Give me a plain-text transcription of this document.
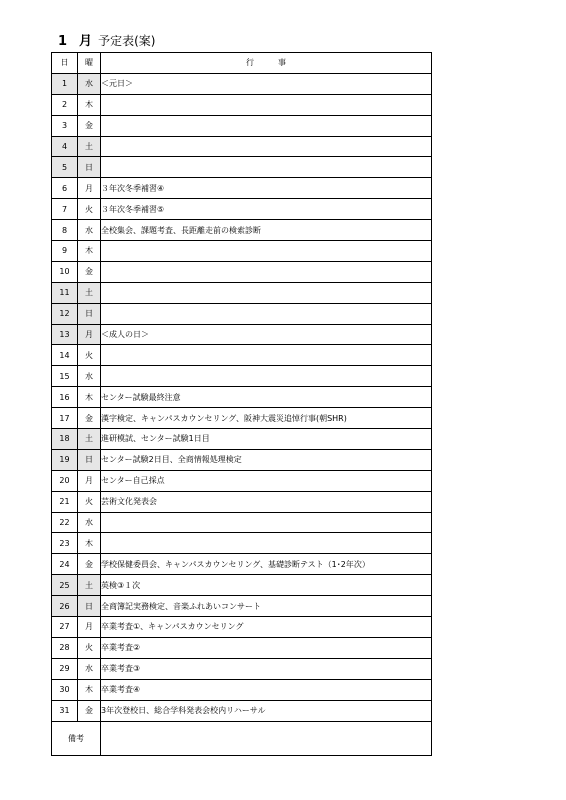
1 月 予定表(案)
日	曜	行　　　事
1	水	＜元日＞
2	木	
3	金	
4	土	
5	日	
6	月	３年次冬季補習④
7	火	３年次冬季補習⑤
8	水	全校集会、課題考査、長距離走前の検索診断
9	木	
10	金	
11	土	
12	日	
13	月	＜成人の日＞
14	火	
15	水	
16	木	センター試験最終注意
17	金	漢字検定、キャンパスカウンセリング、阪神大震災追悼行事(朝SHR)
18	土	進研模試、センター試験1日目
19	日	センター試験2日目、全商情報処理検定
20	月	センター自己採点
21	火	芸術文化発表会
22	水	
23	木	
24	金	学校保健委員会、キャンパスカウンセリング、基礎診断テスト（1･2年次）
25	土	英検③１次
26	日	全商簿記実務検定、音楽ふれあいコンサート
27	月	卒業考査①、キャンパスカウンセリング
28	火	卒業考査②
29	水	卒業考査③
30	木	卒業考査④
31	金	3年次登校日、総合学科発表会校内リハーサル
備考		
